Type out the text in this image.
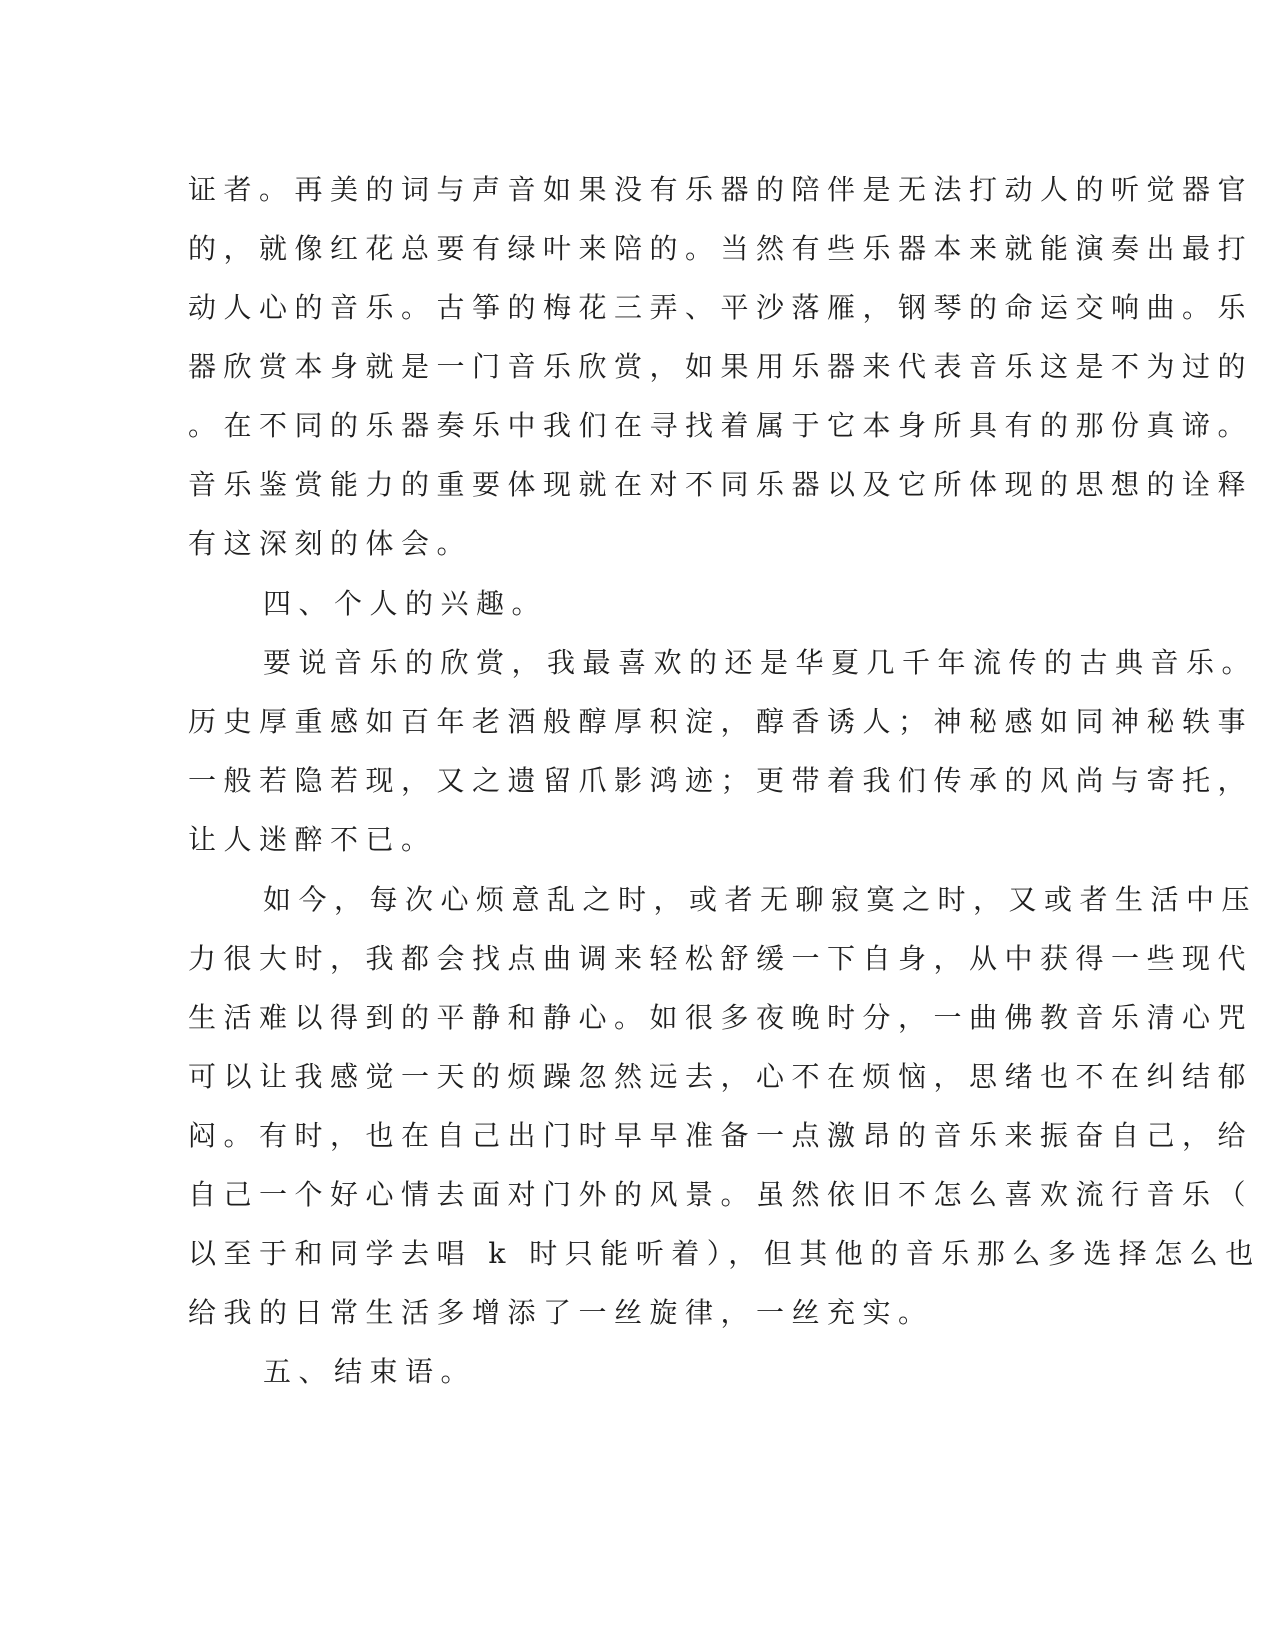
证者。再美的词与声音如果没有乐器的陪伴是无法打动人的听觉器官
的，就像红花总要有绿叶来陪的。当然有些乐器本来就能演奏出最打
动人心的音乐。古筝的梅花三弄、平沙落雁，钢琴的命运交响曲。乐
器欣赏本身就是一门音乐欣赏，如果用乐器来代表音乐这是不为过的
。在不同的乐器奏乐中我们在寻找着属于它本身所具有的那份真谛。
音乐鉴赏能力的重要体现就在对不同乐器以及它所体现的思想的诠释
有这深刻的体会。
四、个人的兴趣。
要说音乐的欣赏，我最喜欢的还是华夏几千年流传的古典音乐。
历史厚重感如百年老酒般醇厚积淀，醇香诱人；神秘感如同神秘轶事
一般若隐若现，又之遗留爪影鸿迹；更带着我们传承的风尚与寄托，
让人迷醉不已。
如今，每次心烦意乱之时，或者无聊寂寞之时，又或者生活中压
力很大时，我都会找点曲调来轻松舒缓一下自身，从中获得一些现代
生活难以得到的平静和静心。如很多夜晚时分，一曲佛教音乐清心咒
可以让我感觉一天的烦躁忽然远去，心不在烦恼，思绪也不在纠结郁
闷。有时，也在自己出门时早早准备一点激昂的音乐来振奋自己，给
自己一个好心情去面对门外的风景。虽然依旧不怎么喜欢流行音乐（
以至于和同学去唱 k 时只能听着），但其他的音乐那么多选择怎么也
给我的日常生活多增添了一丝旋律，一丝充实。
五、结束语。
